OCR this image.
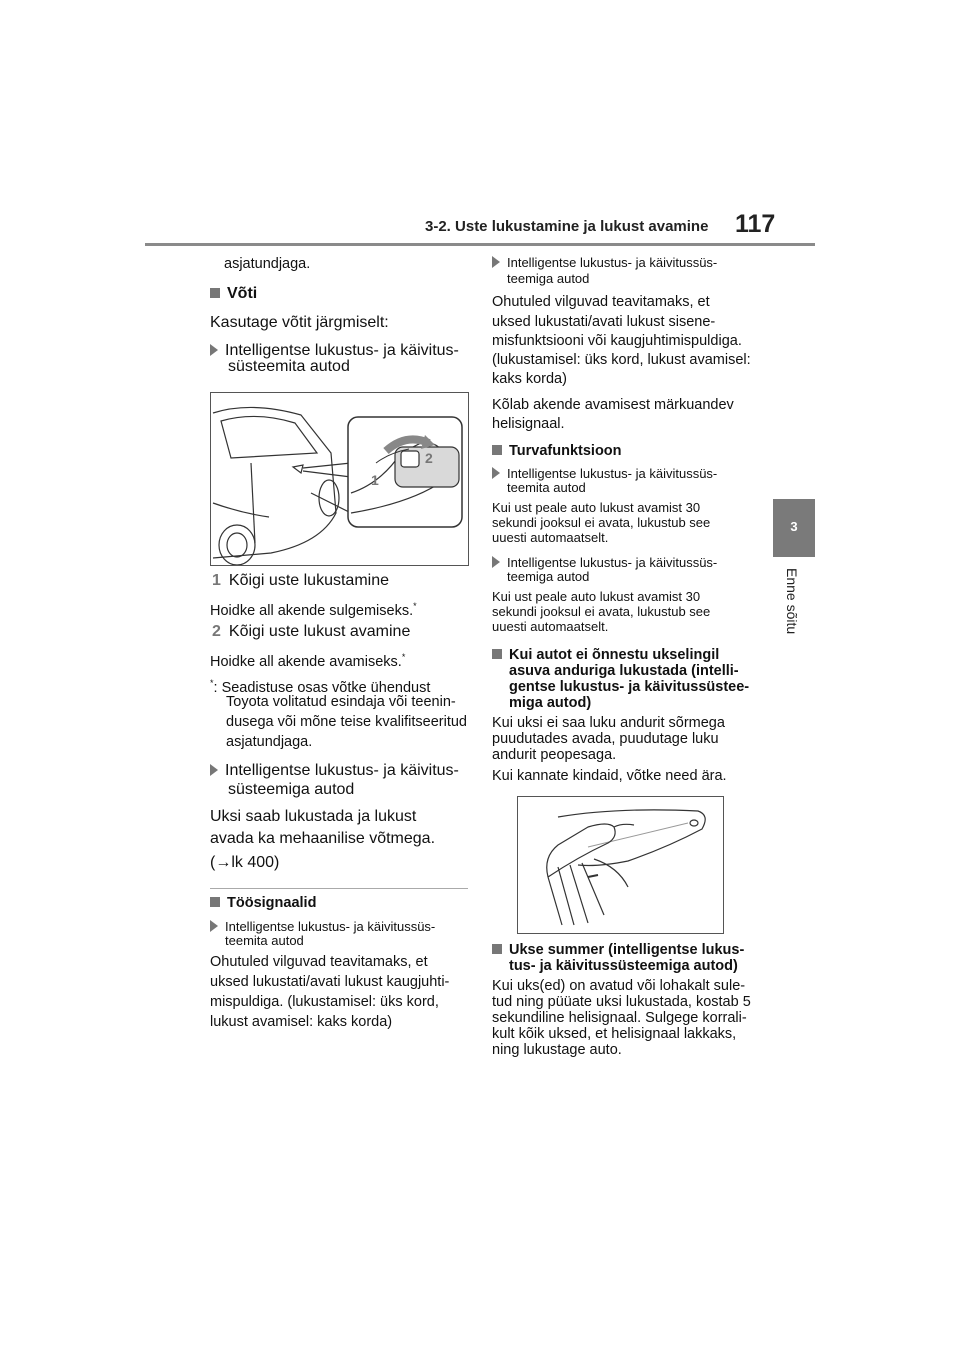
3-2. Uste lukustamine ja lukust avamine 117
3
Enne sõitu
asjatundjaga.
Võti
Kasutage võtit järgmiselt:
Intelligentse lukustus- ja käivitus-
süsteemita autod
2
1
1 Kõigi uste lukustamine
Hoidke all akende sulgemiseks.*
2 Kõigi uste lukust avamine
Hoidke all akende avamiseks.*
*: Seadistuse osas võtke ühendust
Toyota volitatud esindaja või teenin-
dusega või mõne teise kvalifitseeritud
asjatundjaga.
Intelligentse lukustus- ja käivitus-
süsteemiga autod
Uksi saab lukustada ja lukust
avada ka mehaanilise võtmega.
(→lk 400)
Töösignaalid
Intelligentse lukustus- ja käivitussüs-
teemita autod
Ohutuled vilguvad teavitamaks, et
uksed lukustati/avati lukust kaugjuhti-
mispuldiga. (lukustamisel: üks kord,
lukust avamisel: kaks korda)
Intelligentse lukustus- ja käivitussüs-
teemiga autod
Ohutuled vilguvad teavitamaks, et
uksed lukustati/avati lukust sisene-
misfunktsiooni või kaugjuhtimispuldiga.
(lukustamisel: üks kord, lukust avamisel:
kaks korda)
Kõlab akende avamisest märkuandev
helisignaal.
Turvafunktsioon
Intelligentse lukustus- ja käivitussüs-
teemita autod
Kui ust peale auto lukust avamist 30
sekundi jooksul ei avata, lukustub see
uuesti automaatselt.
Intelligentse lukustus- ja käivitussüs-
teemiga autod
Kui ust peale auto lukust avamist 30
sekundi jooksul ei avata, lukustub see
uuesti automaatselt.
Kui autot ei õnnestu ukselingil
asuva anduriga lukustada (intelli-
gentse lukustus- ja käivitussüstee-
miga autod)
Kui uksi ei saa luku andurit sõrmega
puudutades avada, puudutage luku
andurit peopesaga.
Kui kannate kindaid, võtke need ära.
Ukse summer (intelligentse lukus-
tus- ja käivitussüsteemiga autod)
Kui uks(ed) on avatud või lohakalt sule-
tud ning püüate uksi lukustada, kostab 5
sekundiline helisignaal. Sulgege korrali-
kult kõik uksed, et helisignaal lakkaks,
ning lukustage auto.
